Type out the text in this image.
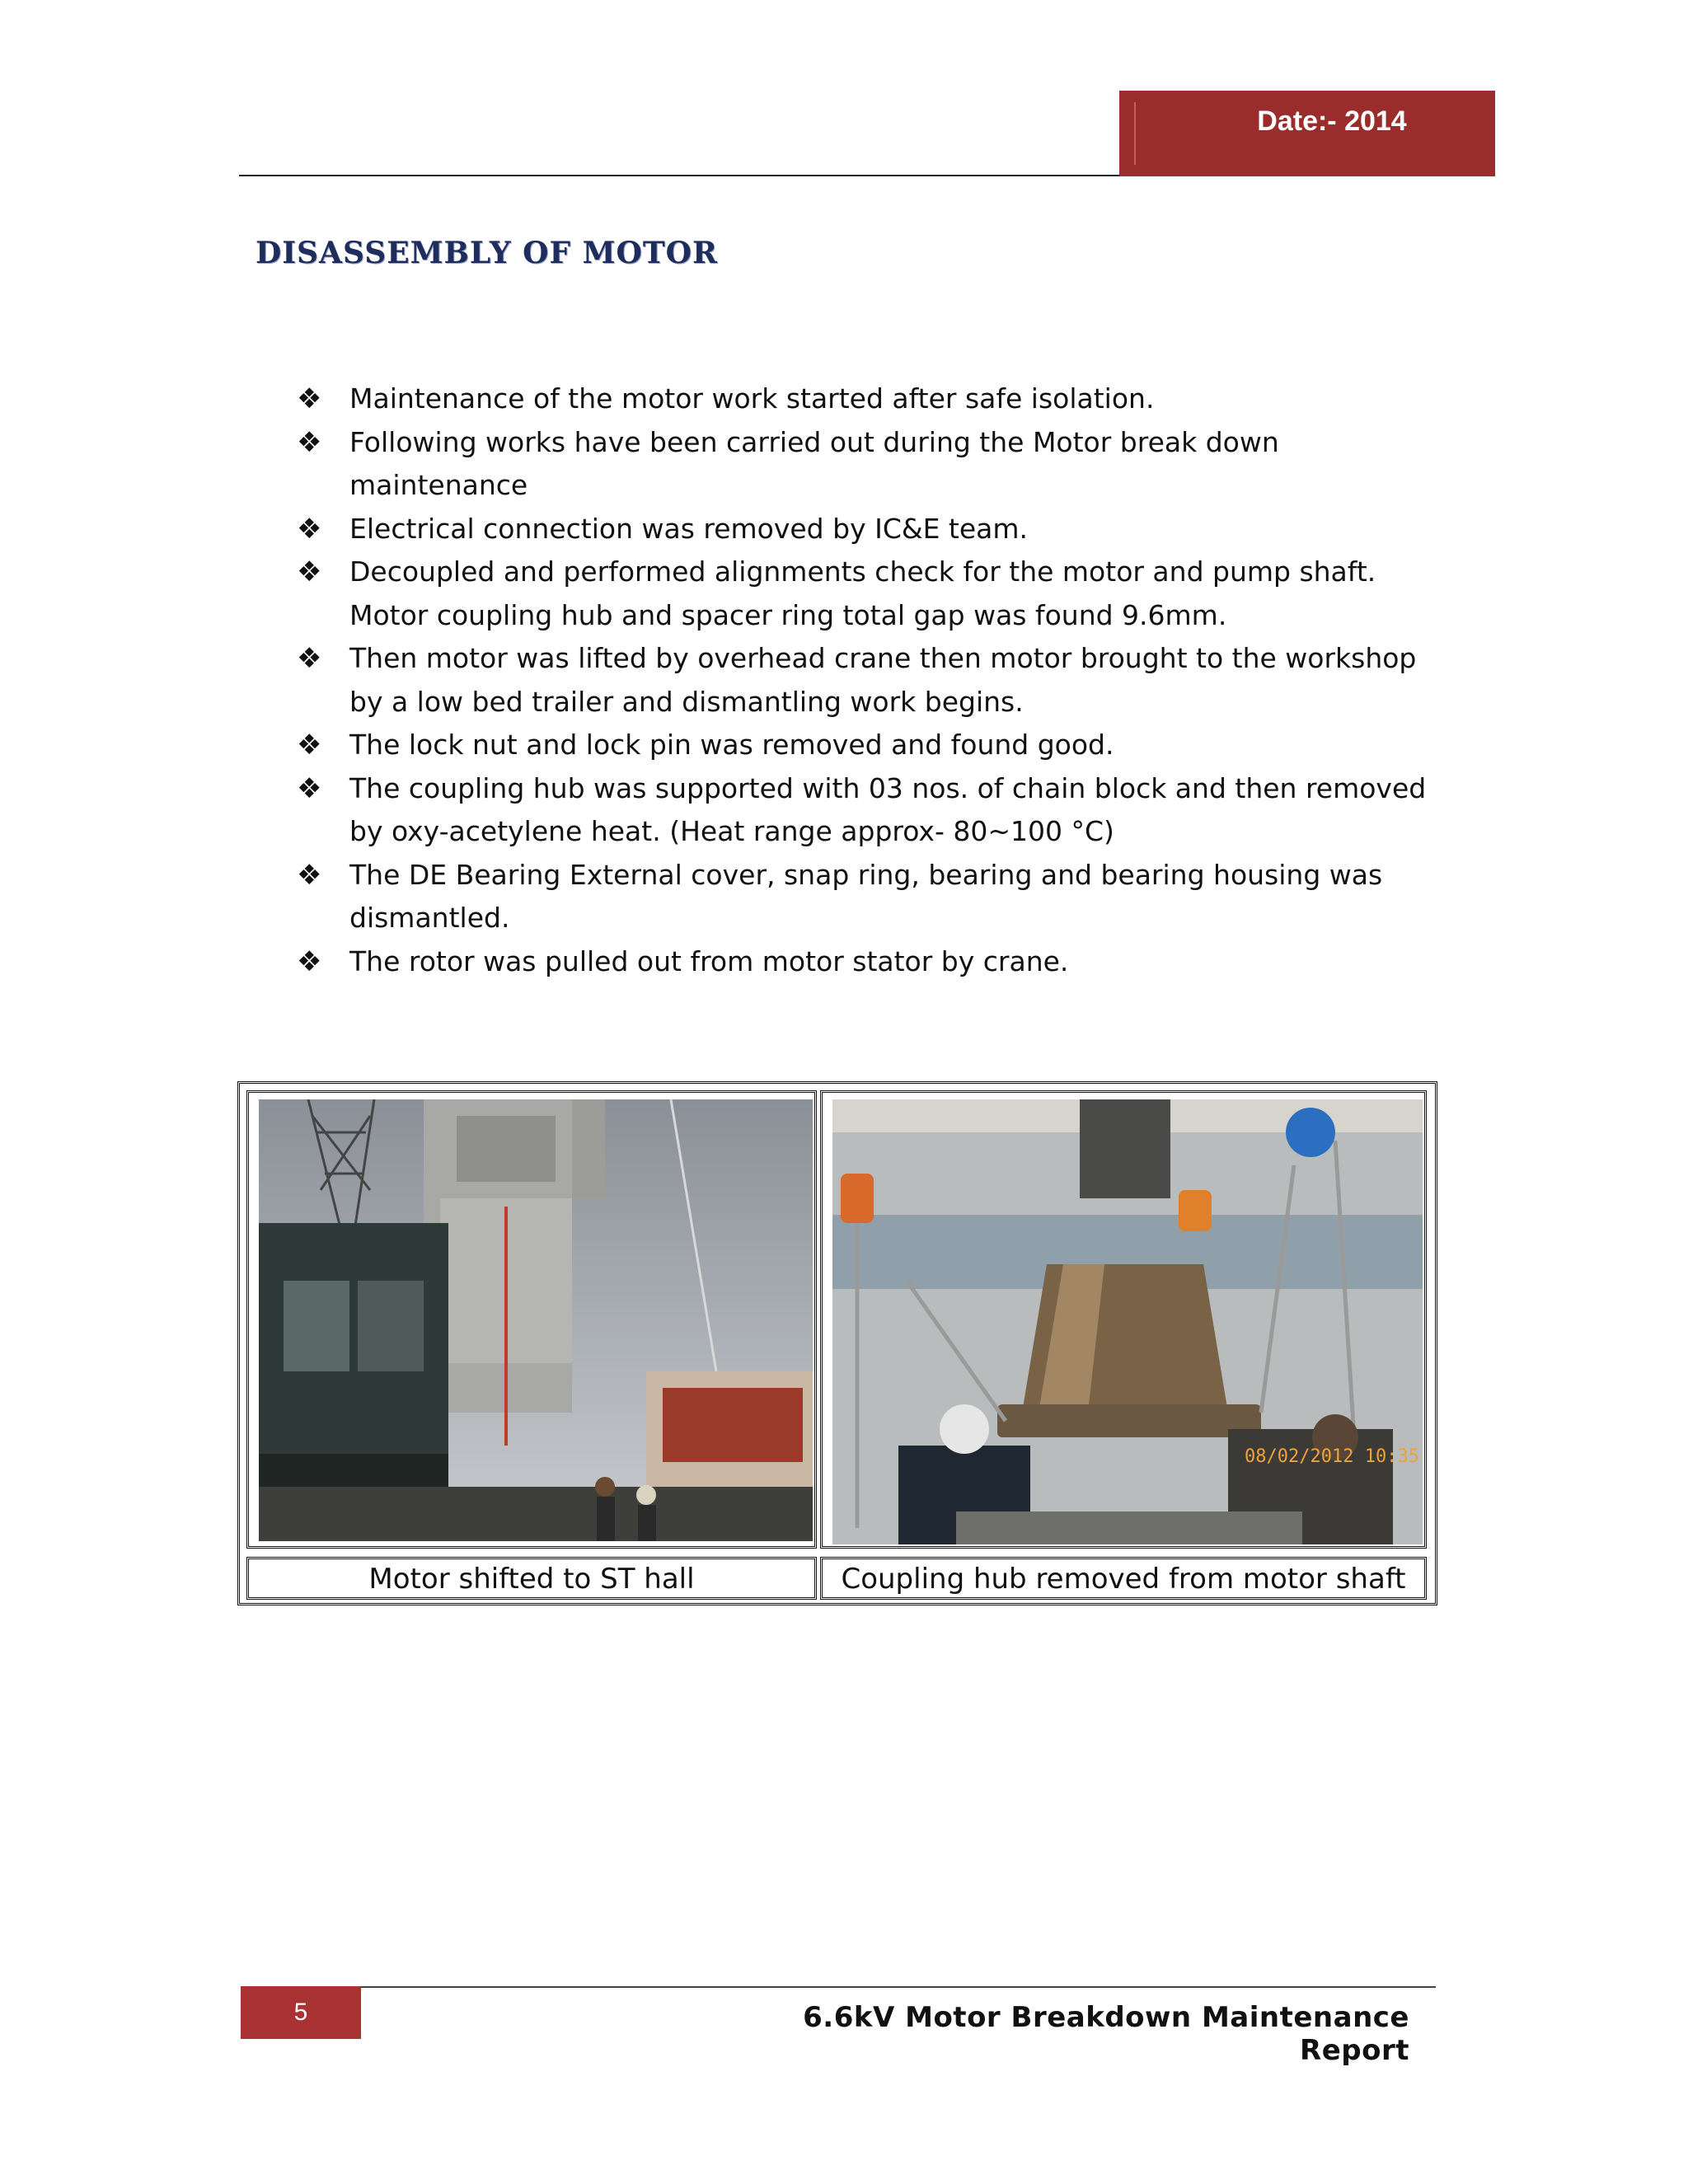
Date:- 2014
DISASSEMBLY OF MOTOR
❖ Maintenance of the motor work started after safe isolation.
❖ Following works have been carried out during the Motor break down maintenance
❖ Electrical connection was removed by IC&E team.
❖ Decoupled and performed alignments check for the motor and pump shaft. Motor coupling hub and spacer ring total gap was found 9.6mm.
❖ Then motor was lifted by overhead crane then motor brought to the workshop by a low bed trailer and dismantling work begins.
❖ The lock nut and lock pin was removed and found good.
❖ The coupling hub was supported with 03 nos. of chain block and then removed by oxy-acetylene heat. (Heat range approx- 80~100 °C)
❖ The DE Bearing External cover, snap ring, bearing and bearing housing was dismantled.
❖ The rotor was pulled out from motor stator by crane.
08/02/2012 10:35
Motor shifted to ST hall	Coupling hub removed from motor shaft
5	6.6kV Motor Breakdown Maintenance Report
